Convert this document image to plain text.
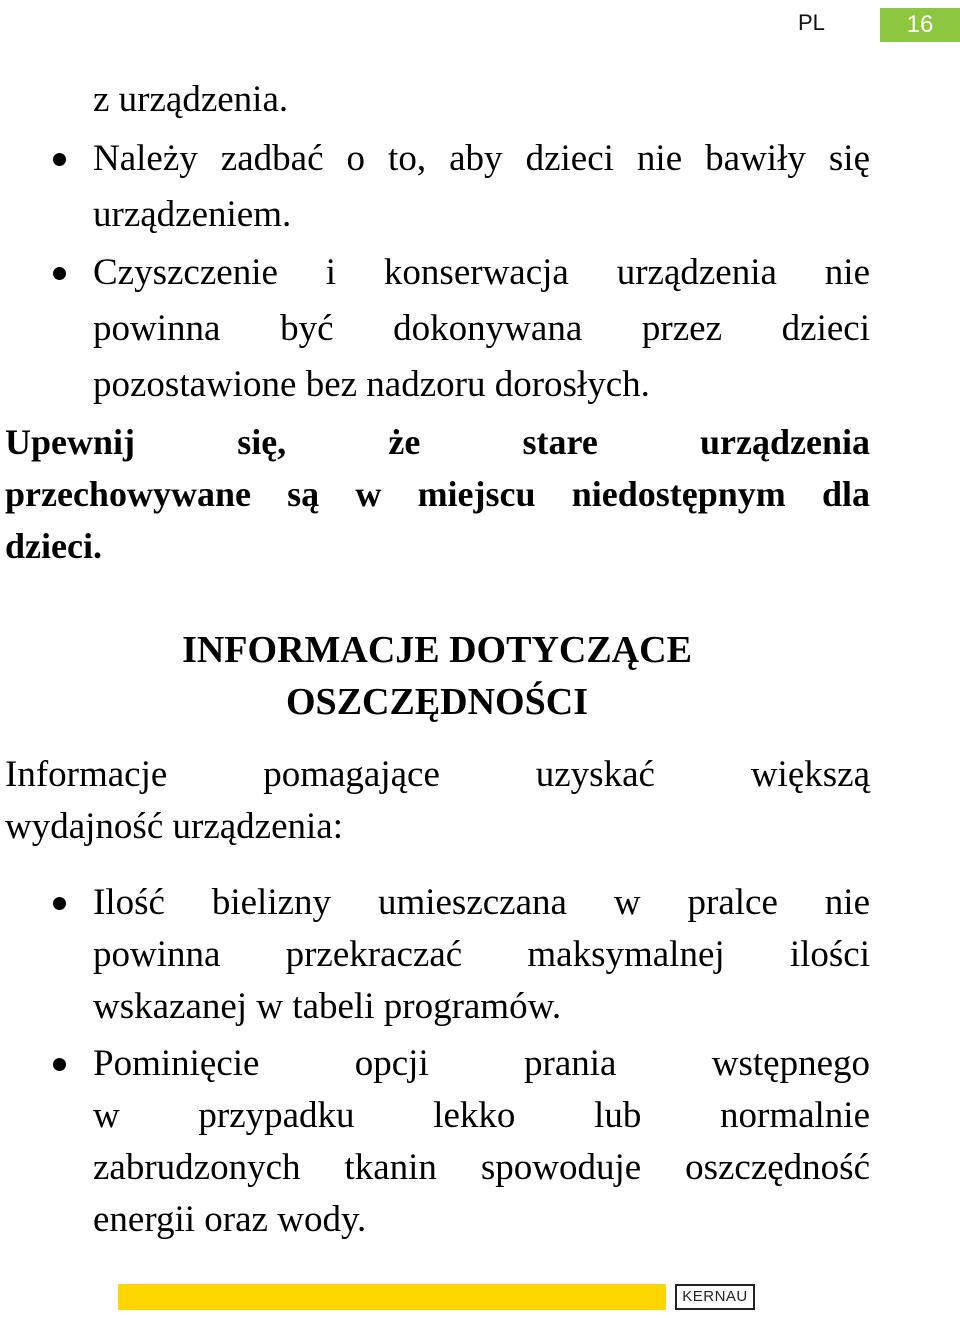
PL	16

z urządzenia.

Należy zadbać o to, aby dzieci nie bawiły się

urządzeniem.

Czyszczenie i konserwacja urządzenia nie

powinna być dokonywana przez dzieci

pozostawione bez nadzoru dorosłych.

Upewnij się, że stare urządzenia

przechowywane są w miejscu niedostępnym dla

dzieci.

INFORMACJE DOTYCZĄCE
OSZCZĘDNOŚCI

Informacje pomagające uzyskać większą

wydajność urządzenia:

Ilość bielizny umieszczana w pralce nie

powinna przekraczać maksymalnej ilości

wskazanej w tabeli programów.

Pominięcie opcji prania wstępnego

w przypadku lekko lub normalnie

zabrudzonych tkanin spowoduje oszczędność

energii oraz wody.

KERNAU
